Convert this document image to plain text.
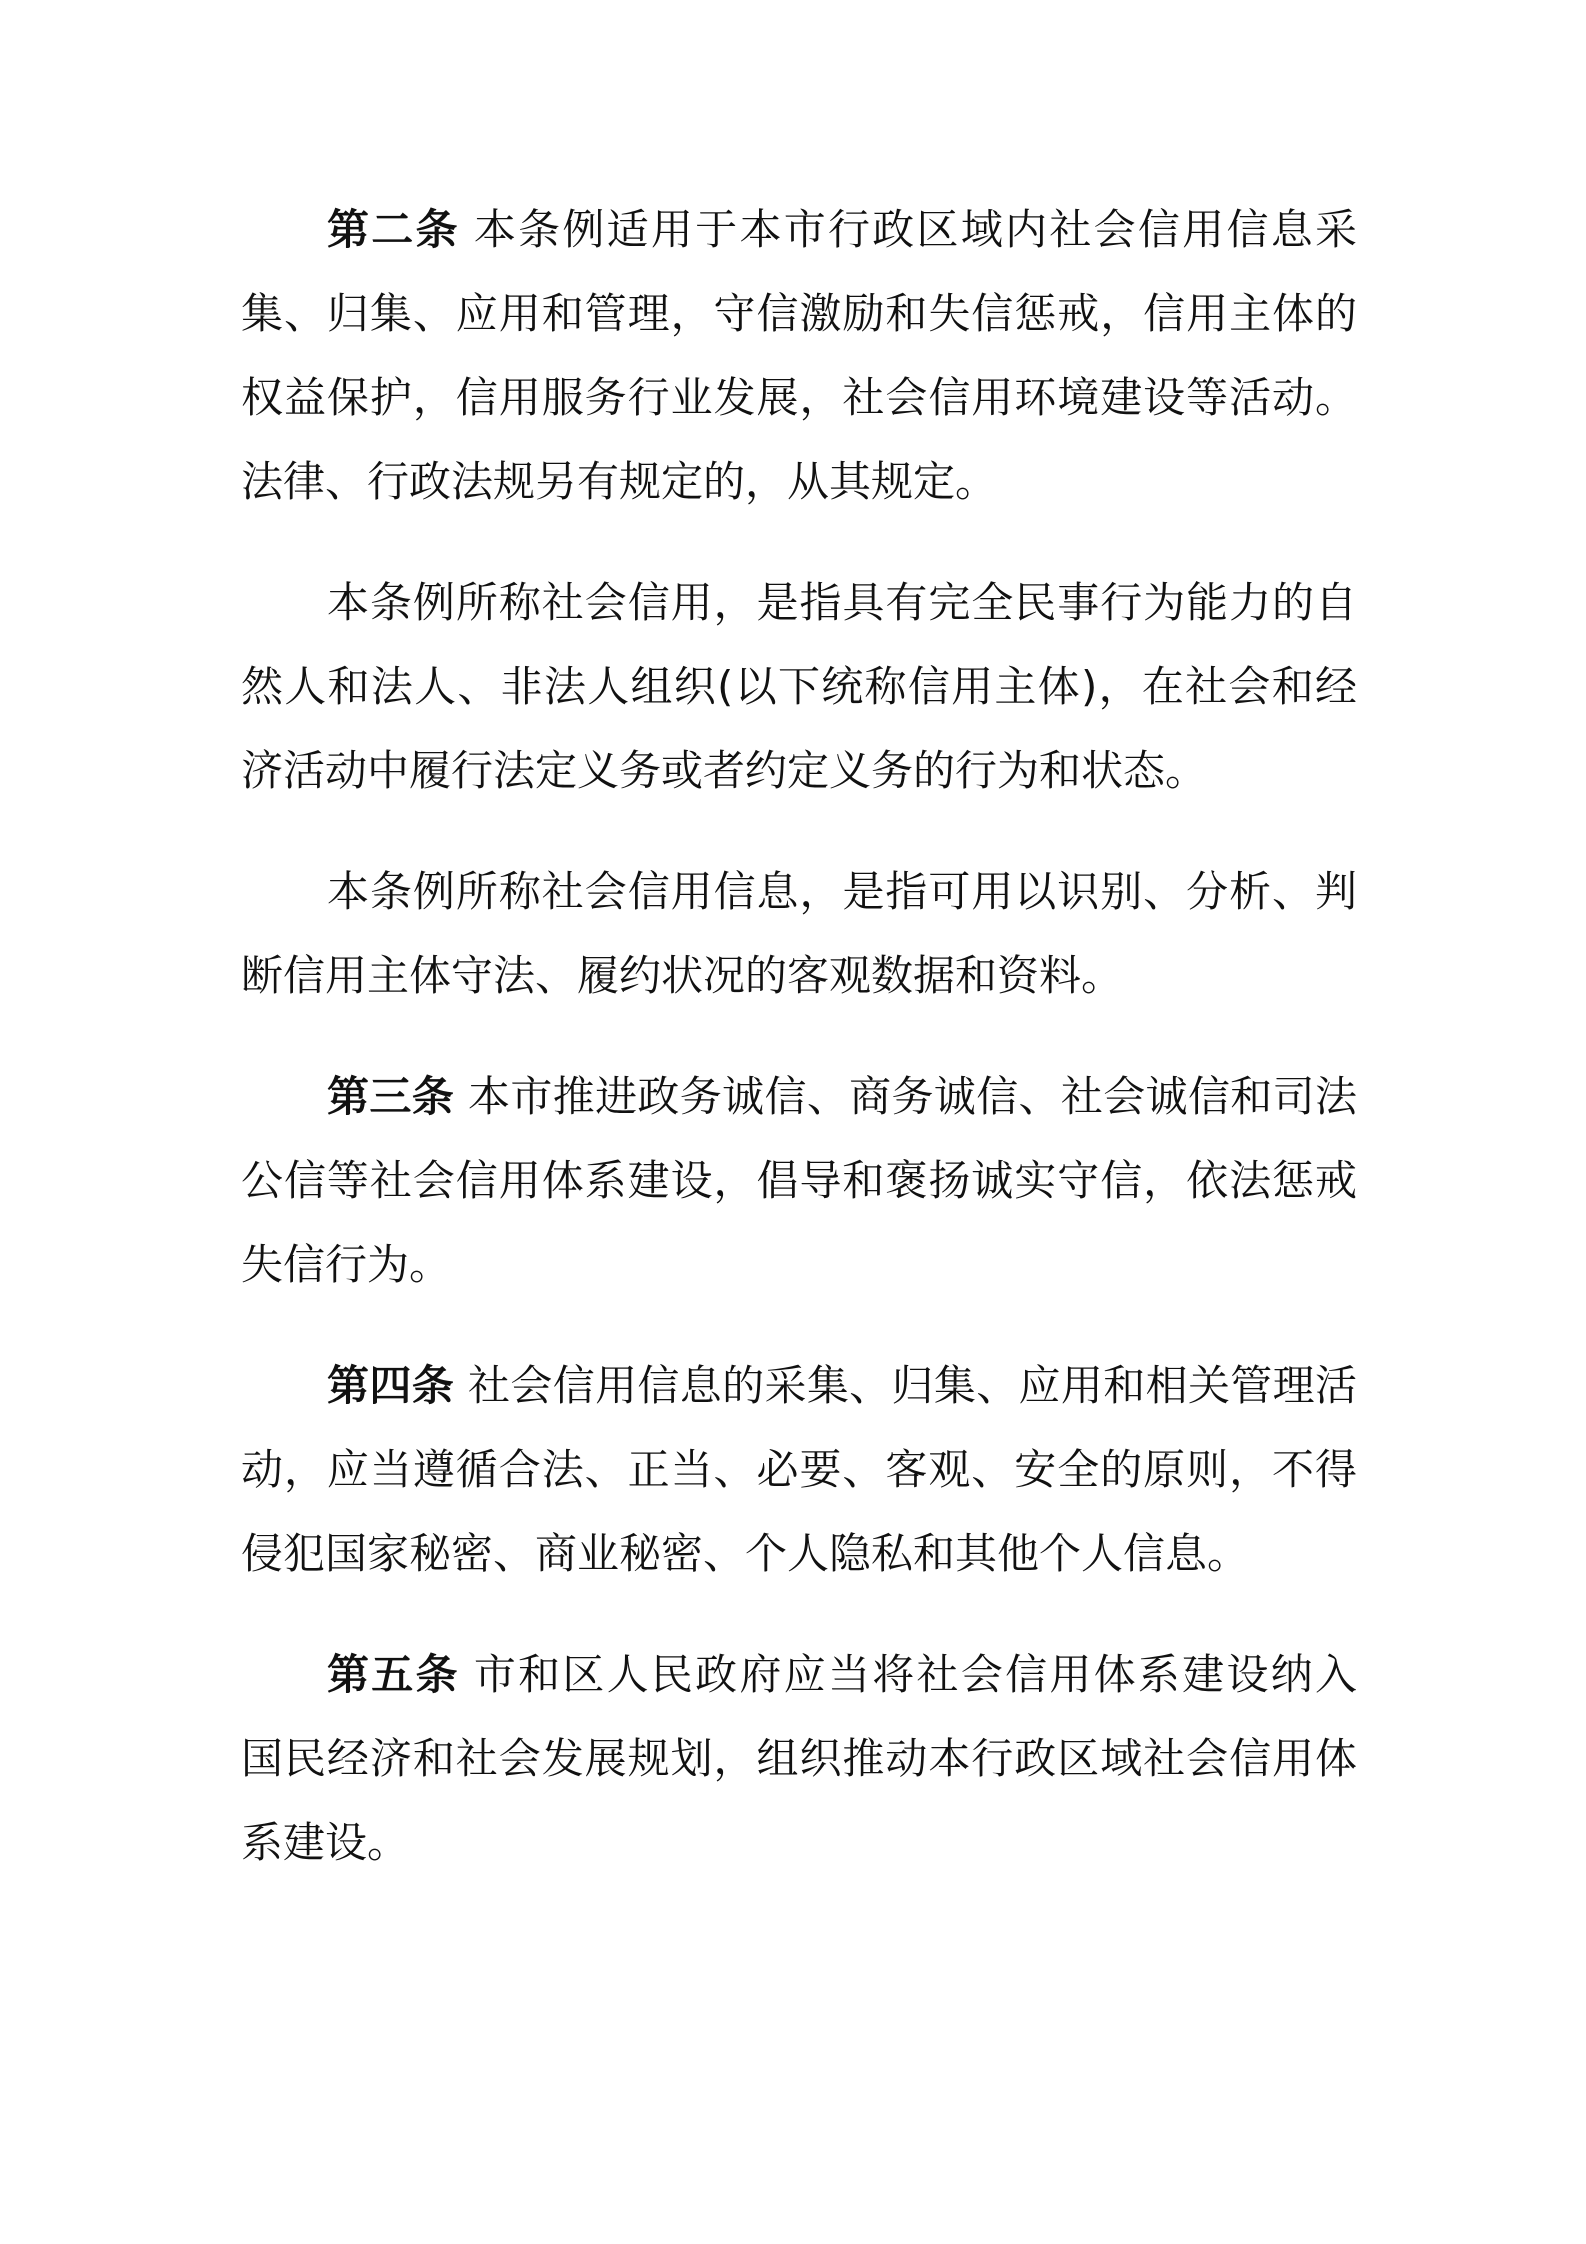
第二条 本条例适用于本市行政区域内社会信用信息采
集、归集、应用和管理，守信激励和失信惩戒，信用主体的
权益保护，信用服务行业发展，社会信用环境建设等活动。
法律、行政法规另有规定的，从其规定。
本条例所称社会信用，是指具有完全民事行为能力的自
然人和法人、非法人组织(以下统称信用主体)，在社会和经
济活动中履行法定义务或者约定义务的行为和状态。
本条例所称社会信用信息，是指可用以识别、分析、判
断信用主体守法、履约状况的客观数据和资料。
第三条 本市推进政务诚信、商务诚信、社会诚信和司法
公信等社会信用体系建设，倡导和褒扬诚实守信，依法惩戒
失信行为。
第四条 社会信用信息的采集、归集、应用和相关管理活
动，应当遵循合法、正当、必要、客观、安全的原则，不得
侵犯国家秘密、商业秘密、个人隐私和其他个人信息。
第五条 市和区人民政府应当将社会信用体系建设纳入
国民经济和社会发展规划，组织推动本行政区域社会信用体
系建设。
